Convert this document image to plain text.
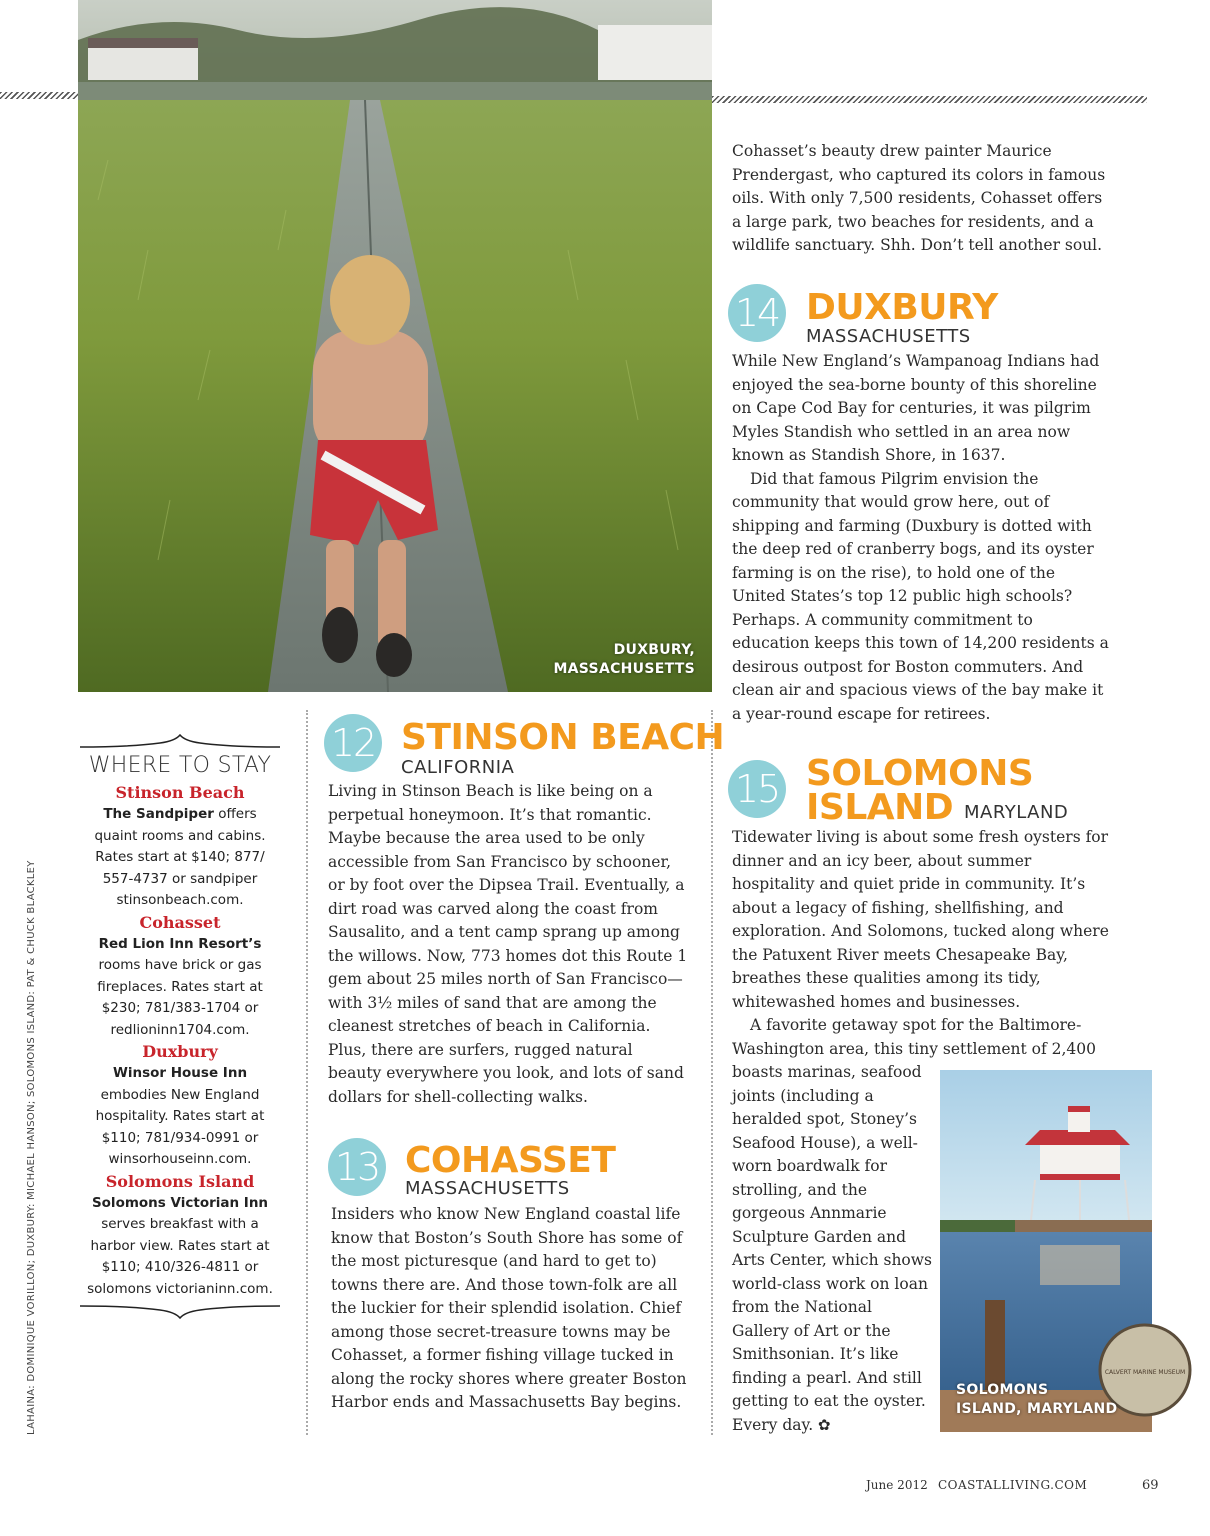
DUXBURY,
MASSACHUSETTS

Cohasset’s beauty drew painter Maurice Prendergast, who captured its colors in famous oils. With only 7,500 residents, Cohasset offers a large park, two beaches for residents, and a wildlife sanctuary. Shh. Don’t tell another soul.

14 DUXBURY
MASSACHUSETTS

While New England’s Wampanoag Indians had enjoyed the sea-borne bounty of this shoreline on Cape Cod Bay for centuries, it was pilgrim Myles Standish who settled in an area now known as Standish Shore, in 1637.

Did that famous Pilgrim envision the community that would grow here, out of shipping and farming (Duxbury is dotted with the deep red of cranberry bogs, and its oyster farming is on the rise), to hold one of the United States’s top 12 public high schools? Perhaps. A community commitment to education keeps this town of 14,200 residents a desirous outpost for Boston commuters. And clean air and spacious views of the bay make it a year-round escape for retirees.

12 STINSON BEACH
CALIFORNIA

Living in Stinson Beach is like being on a perpetual honeymoon. It’s that romantic. Maybe because the area used to be only accessible from San Francisco by schooner, or by foot over the Dipsea Trail. Eventually, a dirt road was carved along the coast from Sausalito, and a tent camp sprang up among the willows. Now, 773 homes dot this Route 1 gem about 25 miles north of San Francisco—with 3½ miles of sand that are among the cleanest stretches of beach in California. Plus, there are surfers, rugged natural beauty everywhere you look, and lots of sand dollars for shell-collecting walks.

13 COHASSET
MASSACHUSETTS

Insiders who know New England coastal life know that Boston’s South Shore has some of the most picturesque (and hard to get to) towns there are. And those town-folk are all the luckier for their splendid isolation. Chief among those secret-treasure towns may be Cohasset, a former fishing village tucked in along the rocky shores where greater Boston Harbor ends and Massachusetts Bay begins.

15 SOLOMONS
ISLAND MARYLAND

Tidewater living is about some fresh oysters for dinner and an icy beer, about summer hospitality and quiet pride in community. It’s about a legacy of fishing, shellfishing, and exploration. And Solomons, tucked along where the Patuxent River meets Chesapeake Bay, breathes these qualities among its tidy, whitewashed homes and businesses.

A favorite getaway spot for the Baltimore-Washington area, this tiny settlement of 2,400

boasts marinas, seafood joints (including a heralded spot, Stoney’s Seafood House), a well-worn boardwalk for strolling, and the gorgeous Annmarie Sculpture Garden and Arts Center, which shows world-class work on loan from the National Gallery of Art or the Smithsonian. It’s like finding a pearl. And still getting to eat the oyster. Every day.

✿
CALVERT MARINE MUSEUM
SOLOMONS
ISLAND, MARYLAND
WHERE TO STAY
Stinson Beach
The Sandpiper offers quaint rooms and cabins. Rates start at $140; 877/ 557-4737 or sandpiper stinsonbeach.com.
Cohasset
Red Lion Inn Resort’s rooms have brick or gas fireplaces. Rates start at $230; 781/383-1704 or redlioninn1704.com.
Duxbury
Winsor House Inn embodies New England hospitality. Rates start at $110; 781/934-0991 or winsorhouseinn.com.
Solomons Island
Solomons Victorian Inn serves breakfast with a harbor view. Rates start at $110; 410/326-4811 or solomons victorianinn.com.
LAHAINA: DOMINIQUE VORILLON; DUXBURY: MICHAEL HANSON; SOLOMONS ISLAND: PAT & CHUCK BLACKLEY
June 2012 COASTALLIVING.COM	69
